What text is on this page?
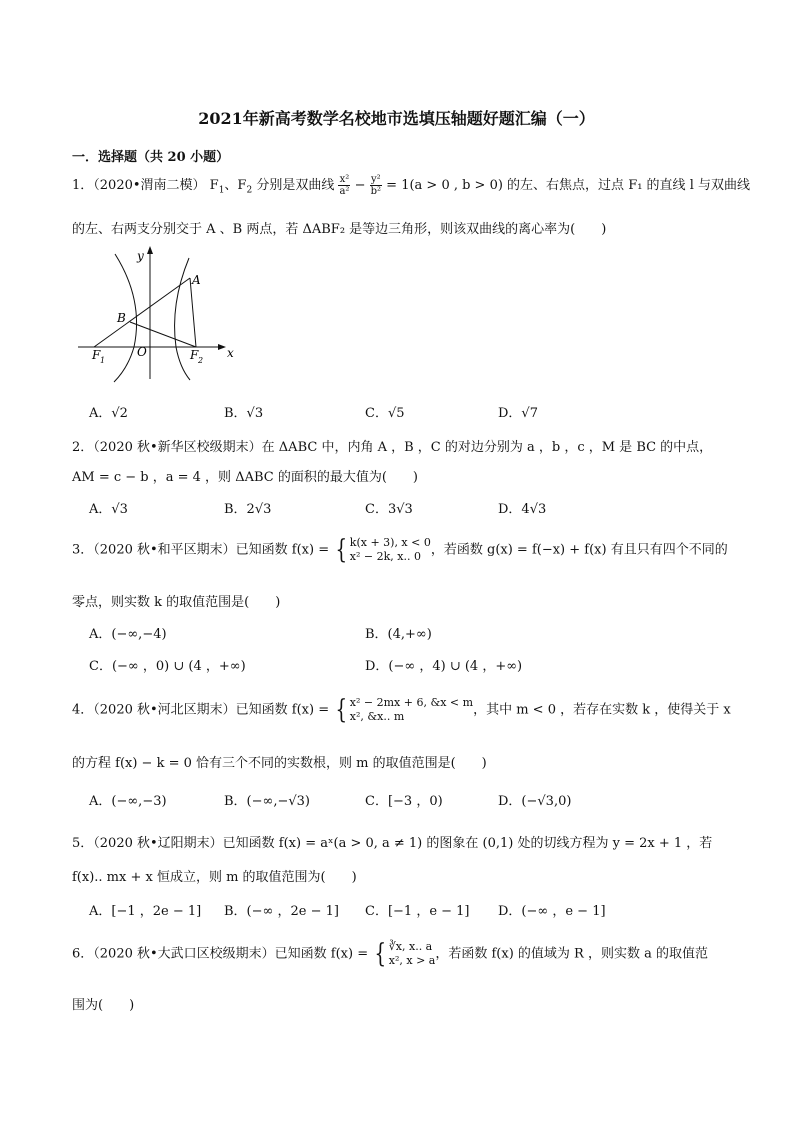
2021年新高考数学名校地市选填压轴题好题汇编（一）
一．选择题（共 20 小题）
1．（2020•渭南二模） $F_1$、$F_2$ 分别是双曲线 $\frac{\text{x²}}{\text{a²}} - \frac{\text{y²}}{\text{b²}} = 1(a > 0$ , b > 0) 的左、右焦点，过点 F₁ 的直线 l 与双曲线
的左、右两支分别交于 A 、B 两点，若 ΔABF₂ 是等边三角形，则该双曲线的离心率为(　　)
y
x
A
B
O
F 1	F 2
A．√2	B．√3	C．√5	D．√7
2．（2020 秋•新华区校级期末）在 ΔABC 中，内角 A ，B ，C 的对边分别为 a ，b ，c ，M 是 BC 的中点，
AM = c − b ，a = 4 ，则 ΔABC 的面积的最大值为(　　)
A．√3	B．2√3	C．3√3	D．4√3
3．（2020 秋•和平区期末）已知函数 f(x) = { k(x + 3), x < 0
x² − 2k, x.. 0 ，若函数 g(x) = f(−x) + f(x) 有且只有四个不同的
零点，则实数 k 的取值范围是(　　)
A．(−∞,−4)	B．(4,+∞)
C．(−∞ ，0) ∪ (4 ，+∞)	D．(−∞ ，4) ∪ (4 ，+∞)
4．（2020 秋•河北区期末）已知函数 f(x) = { x² − 2mx + 6, &x < m
x², &x.. m	，其中 m < 0 ，若存在实数 k ，使得关于 x
的方程 f(x) − k = 0 恰有三个不同的实数根，则 m 的取值范围是(　　)
A．(−∞,−3)	B．(−∞,−√3)	C．[−3 ，0)	D．(−√3,0)
5．（2020 秋•辽阳期末）已知函数 f(x) = aˣ(a > 0, a ≠ 1) 的图象在 (0,1) 处的切线方程为 y = 2x + 1 ，若
f(x).. mx + x 恒成立，则 m 的取值范围为(　　)
A．[−1 ，2e − 1] B．(−∞ ，2e − 1] C．[−1 ，e − 1] D．(−∞ ，e − 1]
6．（2020 秋•大武口区校级期末）已知函数 f(x) = { ∛x, x.. a
x², x > a ，若函数 f(x) 的值域为 R ，则实数 a 的取值范
围为(　　)
